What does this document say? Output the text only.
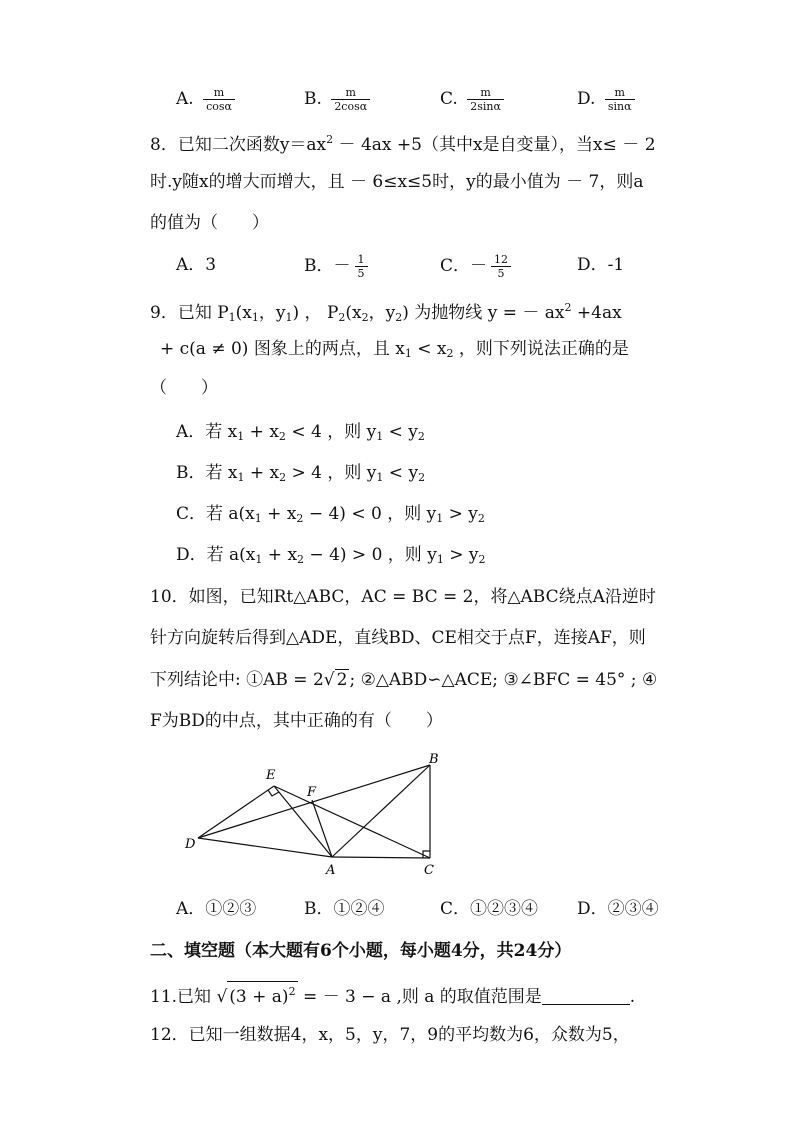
A. $\frac{m}{\cos\alpha}$	B. $\frac{m}{2\cos\alpha}$	C. $\frac{m}{2\sin\alpha}$	D. $\frac{m}{\sin\alpha}$
8．已知二次函数$y=ax^2 - 4ax +5$（其中x是自变量），当x≤ － 2
时.y随x的增大而增大，且 － 6≤x≤5时，y的最小值为 － 7，则a
的值为（　　）
A．3	B．－ $\frac{1}{5}$	C．－ $\frac{12}{5}$	D．-1
9．已知 $P_1(x_1$，$y_1$) ， $P_2(x_2$，$y_2$) 为抛物线 y = － $ax^2 +4ax$
+ c(a ≠ 0) 图象上的两点，且 $x_1 < x_2$ ，则下列说法正确的是
（　　）
A．若 $x_1 + x_2 < 4$ ，则 $y_1 < y_2$
B．若 $x_1 + x_2 > 4$ ，则 $y_1 < y_2$
C．若 $a(x_1 + x_2 - 4) < 0$ ，则 $y_1 > y_2$
D．若 $a(x_1 + x_2 - 4) > 0$ ，则 $y_1 > y_2$
10．如图，已知Rt△ABC，AC = BC = 2，将△ABC绕点A沿逆时
针方向旋转后得到△ADE，直线BD、CE相交于点F，连接AF，则
下列结论中: ①AB = 2√ 2 ; ②△ABD∽△ACE; ③∠BFC = 45° ; ④
F为BD的中点，其中正确的有（　　）
E
F
B
D
A	C
A．①②③	B．①②④	C．①②③④ D．②③④
二、填空题（本大题有6个小题，每小题4分，共24分）
11.已知 √ $(3 + a)^2$ = － 3 − a ,则 a 的取值范围是	.
12．已知一组数据4，x，5，y，7，9的平均数为6，众数为5，
